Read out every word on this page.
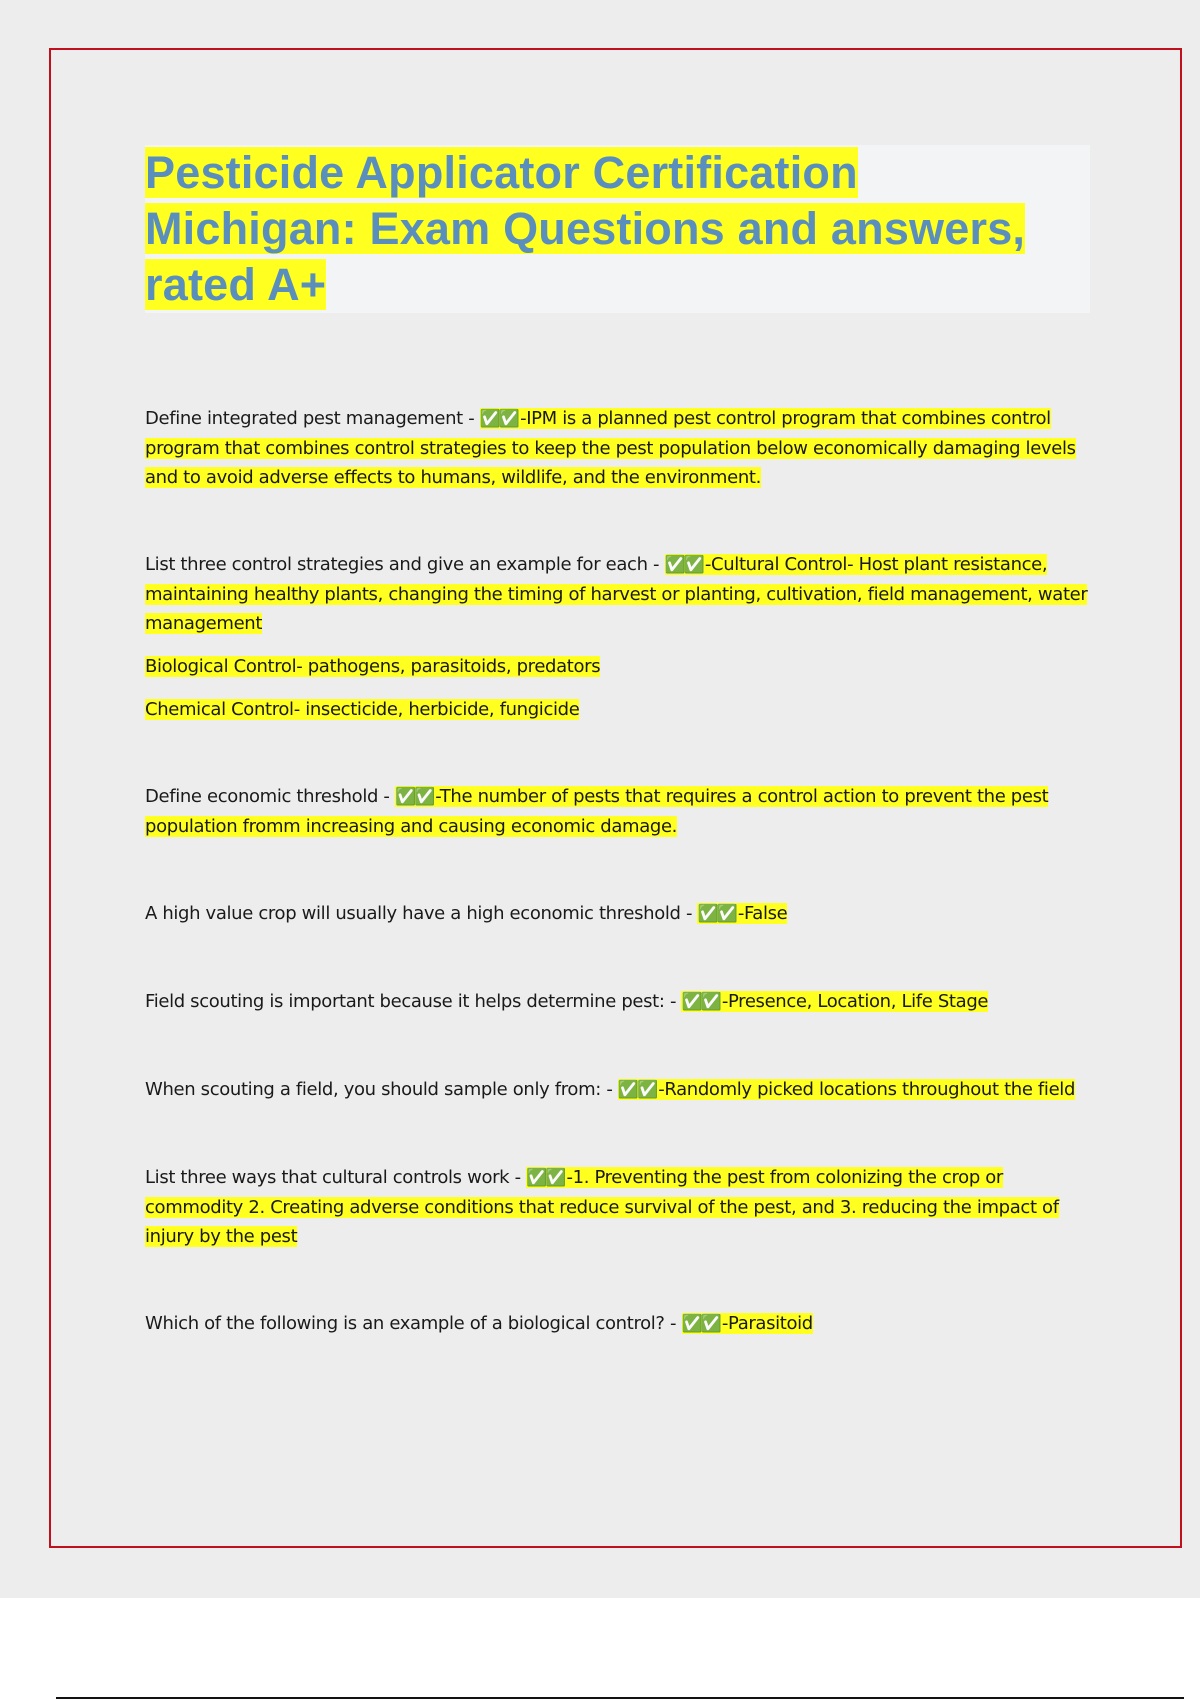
Pesticide Applicator Certification
Michigan: Exam Questions and answers,
rated A+

Define integrated pest management - ✅✅ -IPM is a planned pest control program that combines control program that combines control strategies to keep the pest population below economically damaging levels and to avoid adverse effects to humans, wildlife, and the environment.

List three control strategies and give an example for each - ✅✅ -Cultural Control- Host plant resistance, maintaining healthy plants, changing the timing of harvest or planting, cultivation, field management, water management

Biological Control- pathogens, parasitoids, predators

Chemical Control- insecticide, herbicide, fungicide

Define economic threshold - ✅✅ -The number of pests that requires a control action to prevent the pest population fromm increasing and causing economic damage.

A high value crop will usually have a high economic threshold - ✅✅ -False

Field scouting is important because it helps determine pest: - ✅✅ -Presence, Location, Life Stage

When scouting a field, you should sample only from: - ✅✅ -Randomly picked locations throughout the field

List three ways that cultural controls work - ✅✅ -1. Preventing the pest from colonizing the crop or commodity 2. Creating adverse conditions that reduce survival of the pest, and 3. reducing the impact of injury by the pest

Which of the following is an example of a biological control? - ✅✅ -Parasitoid
